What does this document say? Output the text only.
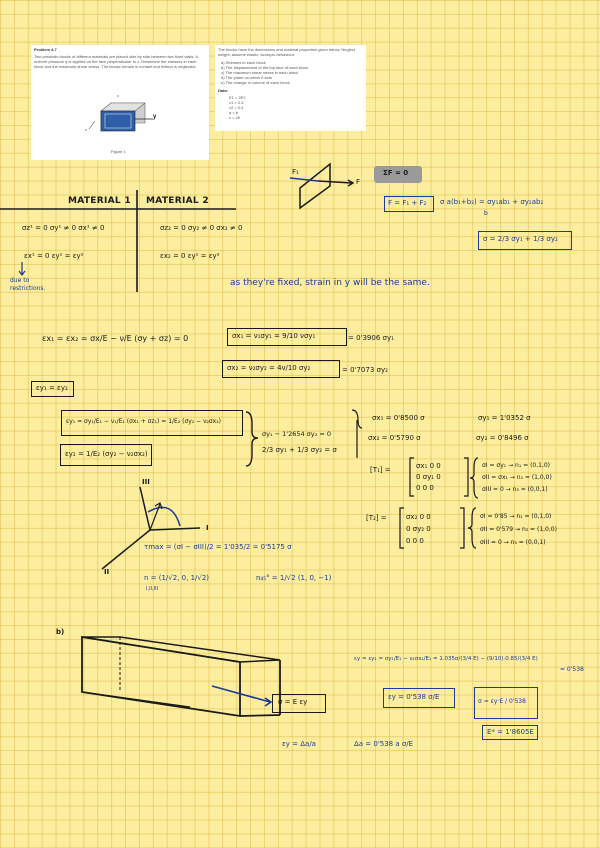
Problem 4.7
Two prismatic blocks of different materials are placed side by side between two fixed walls. A uniform pressure q is applied on the face perpendicular to x. Determine the stresses in each block and the maximum shear stress. The blocks remain in contact and friction is neglected.
x
y
z
Figure 1
The blocks have the dimensions and material properties given below. Neglect weight; assume elastic, isotropic behaviour.
a) Stresses in each block
b) The displacement of the top face of each block
c) The maximum shear stress in each block
d) The plane on which it acts
e) The change in volume of each block
Data:
E1 = 2E2
ν1 = 0.3
ν2 = 0.4
a = b
c = 2b
F₁
F
ΣF = 0
F = F₁ + F₂ σ a(b₁+b₂) = σy₁ab₁ + σy₂ab₂
b
σ = 2/3 σy₁ + 1/3 σy₂
MATERIAL 1 MATERIAL 2
σz¹ = 0 σy¹ ≠ 0 σx¹ ≠ 0	σz₂ = 0 σy₂ ≠ 0 σx₂ ≠ 0
εx¹ = 0 εy¹ = εy²	εx₂ = 0 εy¹ = εy²
due to restrictions.
as they're fixed, strain in y will be the same.
εx₁ = εx₂ = σx/E − ν/E (σy + σz) = 0	σx₁ = ν₁σy₁ = 9/10 νσy₁	= 0'3906 σy₁
σx₂ = ν₂σy₂ = 4ν/10 σy₂	= 0'7073 σy₂
εy₁ = εy₂
εy₁ = σy₁/E₁ − ν₁/E₁ (σx₁ + σz₁) = 1/E₂ (σy₂ − ν₂σx₂)
εy₂ = 1/E₂ (σy₂ − ν₂σx₂)
σy₁ − 1'2654 σy₂ = 0
2/3 σy₁ + 1/3 σy₂ = σ
σx₁ = 0'8500 σ	σy₁ = 1'0352 σ
σx₂ = 0'5790 σ	σy₂ = 0'8496 σ
[T₁] =	σx₁ 0 0
0 σy₁ 0
0 0 0
σI = σy₁ → n₁ = (0,1,0)
σII = σx₁ → n₂ = (1,0,0)
σIII = 0 → n₃ = (0,0,1)
[T₂] =	σx₂ 0 0
0 σy₂ 0
0 0 0
σI = 0'85 → n₁ = (0,1,0)
σII = 0'579 → n₂ = (1,0,0)
σIII = 0 → n₃ = (0,0,1)
III
I
II
τmax = (σI − σIII)/2 = 1'035/2 = 0'5175 σ
n = (1/√2, 0, 1/√2)	n₄₅° = 1/√2 (1, 0, −1)
I,II,III
b)
σ = E εy
εy = εy₁ = σy₁/E₁ − ν₁σx₁/E₁ = 1.035σ/(3/4 E) − (9/10)·0.85/(3/4 E)
= 0'538
εy = 0'538 σ/E
σ = εy·E / 0'538
E* = 1'8605E
εy = Δa/a	Δa = 0'538 a σ/E
